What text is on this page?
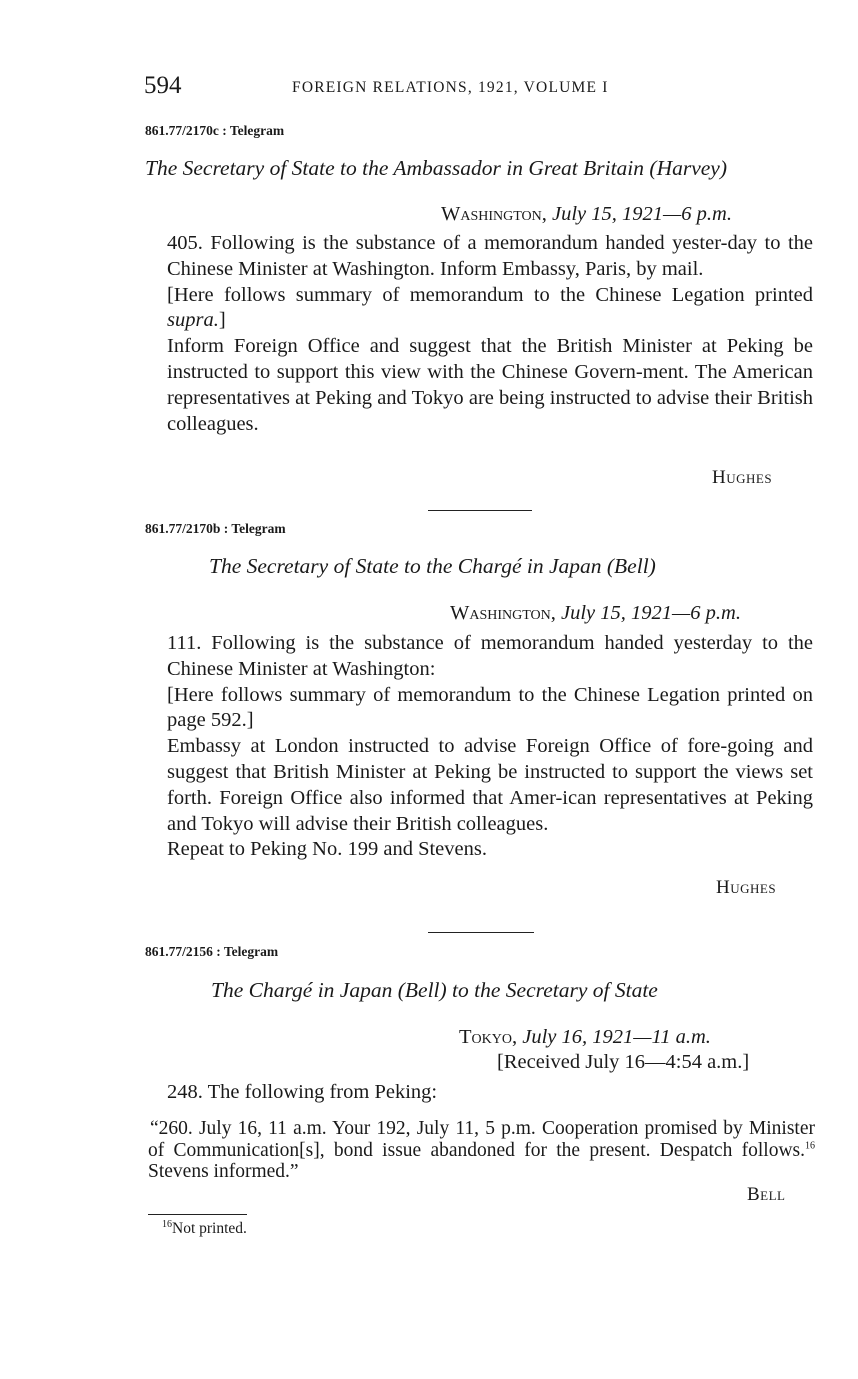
594	FOREIGN RELATIONS, 1921, VOLUME I
861.77/2170c : Telegram
The Secretary of State to the Ambassador in Great Britain (Harvey)
Washington, July 15, 1921—6 p.m.
405. Following is the substance of a memorandum handed yester-day to the Chinese Minister at Washington. Inform Embassy, Paris, by mail.
[Here follows summary of memorandum to the Chinese Legation printed supra.]
Inform Foreign Office and suggest that the British Minister at Peking be instructed to support this view with the Chinese Govern-ment. The American representatives at Peking and Tokyo are being instructed to advise their British colleagues.
Hughes
861.77/2170b : Telegram
The Secretary of State to the Chargé in Japan (Bell)
Washington, July 15, 1921—6 p.m.
111. Following is the substance of memorandum handed yesterday to the Chinese Minister at Washington:
[Here follows summary of memorandum to the Chinese Legation printed on page 592.]
Embassy at London instructed to advise Foreign Office of fore-going and suggest that British Minister at Peking be instructed to support the views set forth. Foreign Office also informed that Amer-ican representatives at Peking and Tokyo will advise their British colleagues.
Repeat to Peking No. 199 and Stevens.
Hughes
861.77/2156 : Telegram
The Chargé in Japan (Bell) to the Secretary of State
Tokyo, July 16, 1921—11 a.m.
[Received July 16—4:54 a.m.]
248. The following from Peking:
“260. July 16, 11 a.m. Your 192, July 11, 5 p.m. Cooperation promised by Minister of Communication[s], bond issue abandoned for the present. Despatch follows.$^{16}$ Stevens informed.”
Bell
$^{16}$Not printed.
